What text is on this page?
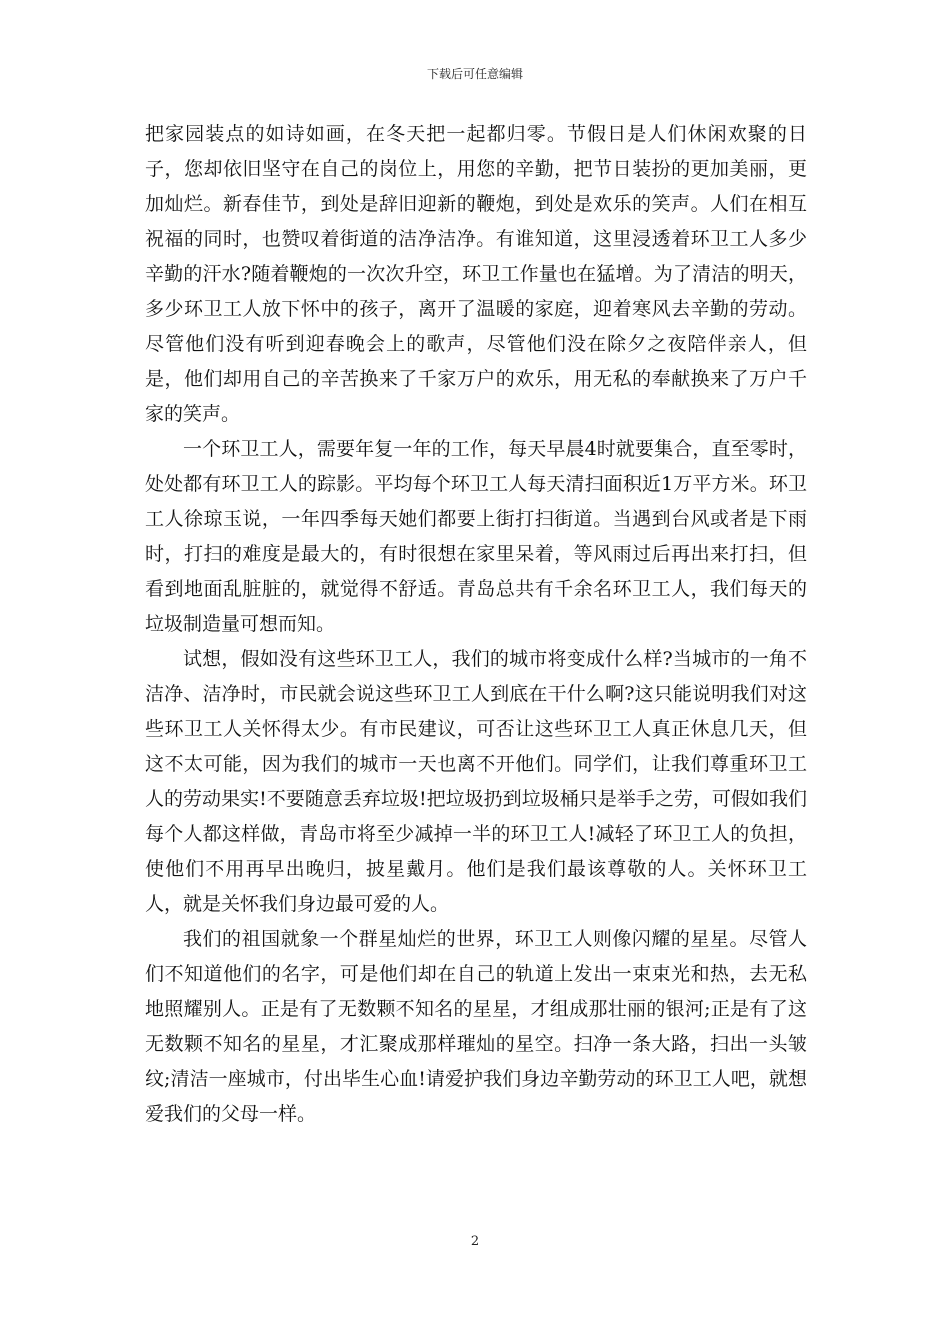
下载后可任意编辑

把家园装点的如诗如画，在冬天把一起都归零。节假日是人们休闲欢聚的日子，您却依旧坚守在自己的岗位上，用您的辛勤，把节日装扮的更加美丽，更加灿烂。新春佳节，到处是辞旧迎新的鞭炮，到处是欢乐的笑声。人们在相互祝福的同时，也赞叹着街道的洁净洁净。有谁知道，这里浸透着环卫工人多少辛勤的汗水?随着鞭炮的一次次升空，环卫工作量也在猛增。为了清洁的明天，多少环卫工人放下怀中的孩子，离开了温暖的家庭，迎着寒风去辛勤的劳动。尽管他们没有听到迎春晚会上的歌声，尽管他们没在除夕之夜陪伴亲人，但是，他们却用自己的辛苦换来了千家万户的欢乐，用无私的奉献换来了万户千家的笑声。

一个环卫工人，需要年复一年的工作，每天早晨4时就要集合，直至零时，处处都有环卫工人的踪影。平均每个环卫工人每天清扫面积近1万平方米。环卫工人徐琼玉说，一年四季每天她们都要上街打扫街道。当遇到台风或者是下雨时，打扫的难度是最大的，有时很想在家里呆着，等风雨过后再出来打扫，但看到地面乱脏脏的，就觉得不舒适。青岛总共有千余名环卫工人，我们每天的垃圾制造量可想而知。

试想，假如没有这些环卫工人，我们的城市将变成什么样?当城市的一角不洁净、洁净时，市民就会说这些环卫工人到底在干什么啊?这只能说明我们对这些环卫工人关怀得太少。有市民建议，可否让这些环卫工人真正休息几天，但这不太可能，因为我们的城市一天也离不开他们。同学们，让我们尊重环卫工人的劳动果实!不要随意丢弃垃圾!把垃圾扔到垃圾桶只是举手之劳，可假如我们每个人都这样做，青岛市将至少减掉一半的环卫工人!减轻了环卫工人的负担，使他们不用再早出晚归，披星戴月。他们是我们最该尊敬的人。关怀环卫工人，就是关怀我们身边最可爱的人。

我们的祖国就象一个群星灿烂的世界，环卫工人则像闪耀的星星。尽管人们不知道他们的名字，可是他们却在自己的轨道上发出一束束光和热，去无私地照耀别人。正是有了无数颗不知名的星星，才组成那壮丽的银河;正是有了这无数颗不知名的星星，才汇聚成那样璀灿的星空。扫净一条大路，扫出一头皱纹;清洁一座城市，付出毕生心血!请爱护我们身边辛勤劳动的环卫工人吧，就想爱我们的父母一样。

2
